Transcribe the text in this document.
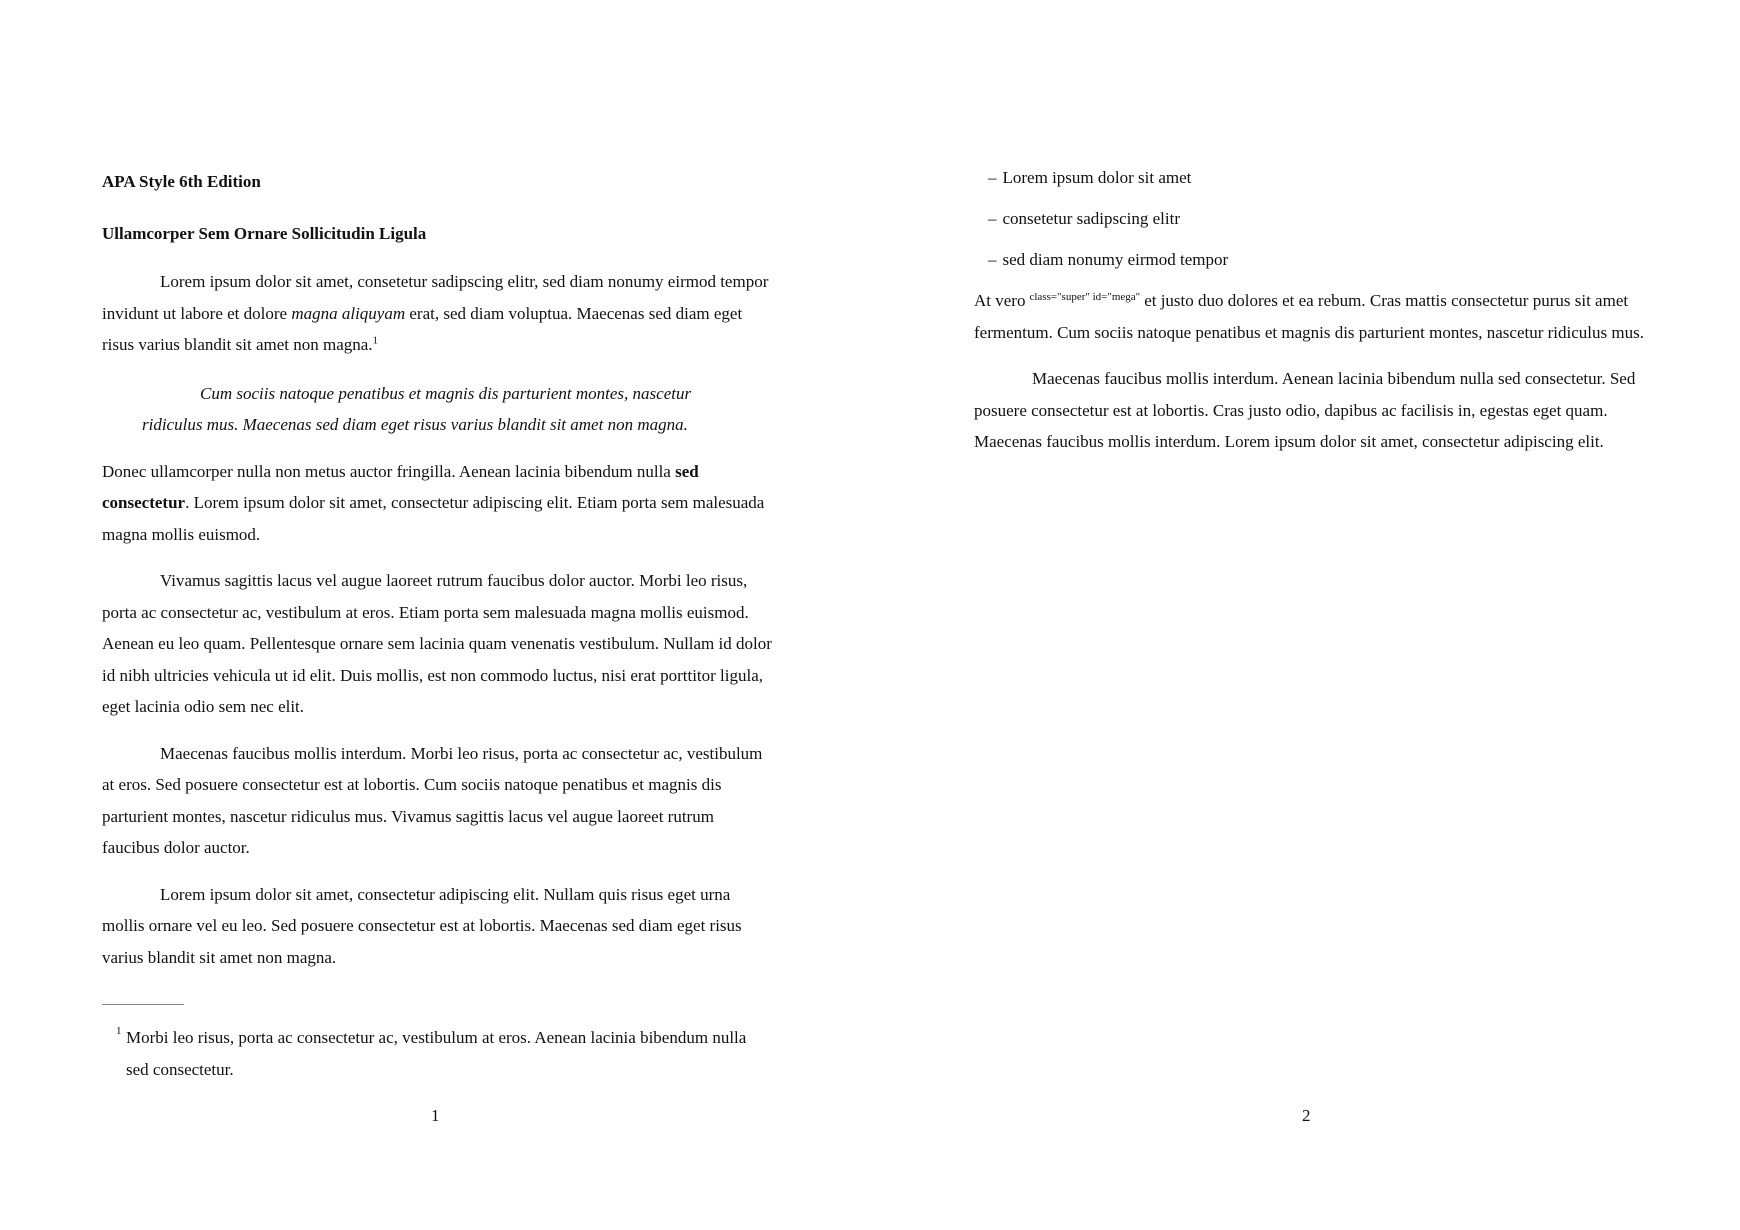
APA Style 6th Edition

Ullamcorper Sem Ornare Sollicitudin Ligula

Lorem ipsum dolor sit amet, consetetur sadipscing elitr, sed diam nonumy eirmod tempor invidunt ut labore et dolore magna aliquyam erat, sed diam voluptua. Maecenas sed diam eget risus varius blandit sit amet non magna.$^1$

Cum sociis natoque penatibus et magnis dis parturient montes, nascetur ridiculus mus. Maecenas sed diam eget risus varius blandit sit amet non magna.

Donec ullamcorper nulla non metus auctor fringilla. Aenean lacinia bibendum nulla sed consectetur. Lorem ipsum dolor sit amet, consectetur adipiscing elit. Etiam porta sem malesuada magna mollis euismod.

Vivamus sagittis lacus vel augue laoreet rutrum faucibus dolor auctor. Morbi leo risus, porta ac consectetur ac, vestibulum at eros. Etiam porta sem malesuada magna mollis euismod. Aenean eu leo quam. Pellentesque ornare sem lacinia quam venenatis vestibulum. Nullam id dolor id nibh ultricies vehicula ut id elit. Duis mollis, est non commodo luctus, nisi erat porttitor ligula, eget lacinia odio sem nec elit.

Maecenas faucibus mollis interdum. Morbi leo risus, porta ac consectetur ac, vestibulum at eros. Sed posuere consectetur est at lobortis. Cum sociis natoque penatibus et magnis dis parturient montes, nascetur ridiculus mus. Vivamus sagittis lacus vel augue laoreet rutrum faucibus dolor auctor.

Lorem ipsum dolor sit amet, consectetur adipiscing elit. Nullam quis risus eget urna mollis ornare vel eu leo. Sed posuere consectetur est at lobortis. Maecenas sed diam eget risus varius blandit sit amet non magna.

1 Morbi leo risus, porta ac consectetur ac, vestibulum at eros. Aenean lacinia bibendum nulla sed consectetur.
1
– Lorem ipsum dolor sit amet
– consetetur sadipscing elitr
– sed diam nonumy eirmod tempor

At vero $^{class="super" id="mega"}$ et justo duo dolores et ea rebum. Cras mattis consectetur purus sit amet fermentum. Cum sociis natoque penatibus et magnis dis parturient montes, nascetur ridiculus mus.

Maecenas faucibus mollis interdum. Aenean lacinia bibendum nulla sed consectetur. Sed posuere consectetur est at lobortis. Cras justo odio, dapibus ac facilisis in, egestas eget quam. Maecenas faucibus mollis interdum. Lorem ipsum dolor sit amet, consectetur adipiscing elit.

2
